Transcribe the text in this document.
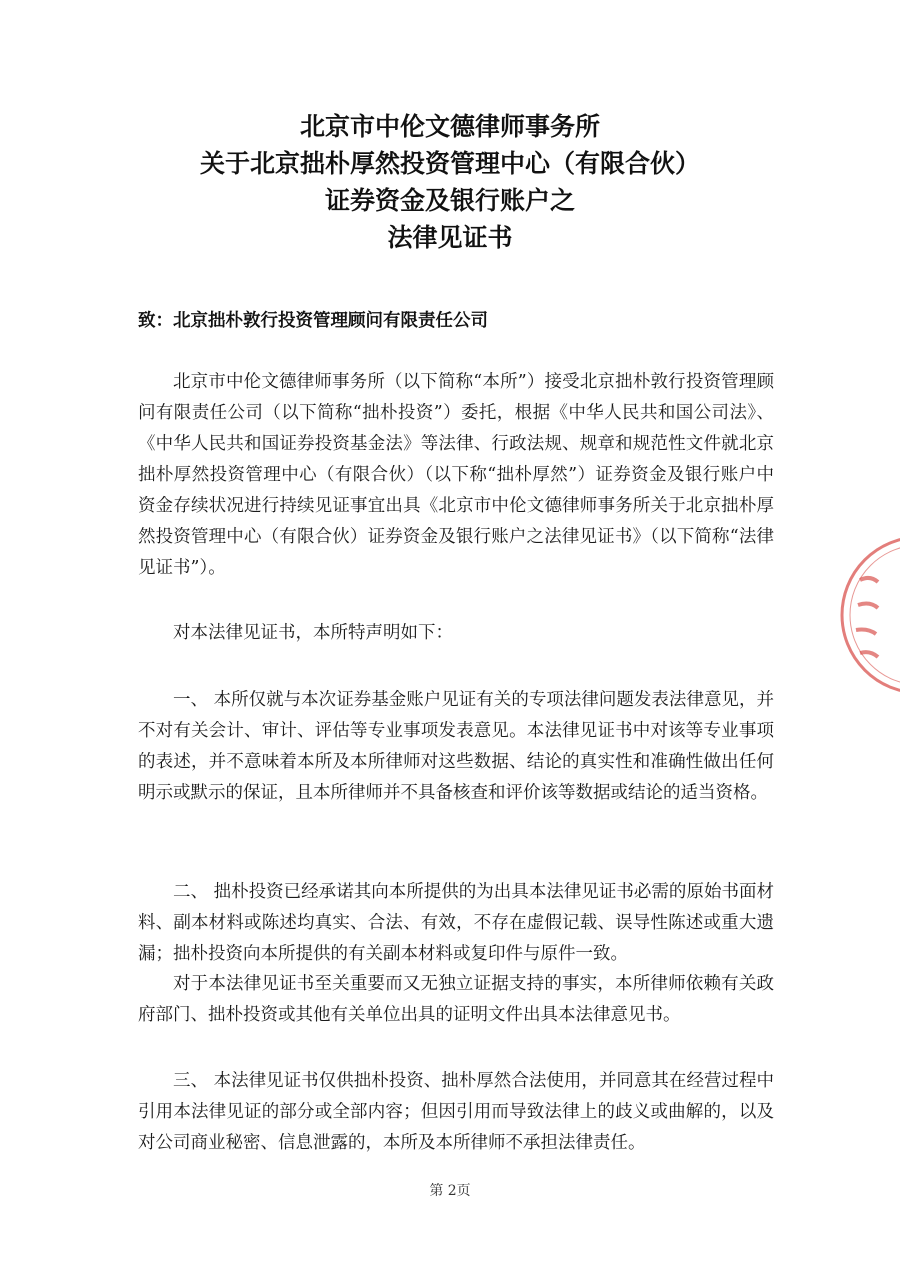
北京市中伦文德律师事务所
关于北京拙朴厚然投资管理中心（有限合伙）
证券资金及银行账户之
法律见证书
致：北京拙朴敦行投资管理顾问有限责任公司

北京市中伦文德律师事务所（以下简称“本所”）接受北京拙朴敦行投资管理顾问有限责任公司（以下简称“拙朴投资”）委托，根据《中华人民共和国公司法》、《中华人民共和国证券投资基金法》等法律、行政法规、规章和规范性文件就北京拙朴厚然投资管理中心（有限合伙）（以下称“拙朴厚然”）证券资金及银行账户中资金存续状况进行持续见证事宜出具《北京市中伦文德律师事务所关于北京拙朴厚然投资管理中心（有限合伙）证券资金及银行账户之法律见证书》（以下简称“法律见证书”）。

对本法律见证书，本所特声明如下：

一、 本所仅就与本次证券基金账户见证有关的专项法律问题发表法律意见，并不对有关会计、审计、评估等专业事项发表意见。本法律见证书中对该等专业事项的表述，并不意味着本所及本所律师对这些数据、结论的真实性和准确性做出任何明示或默示的保证，且本所律师并不具备核查和评价该等数据或结论的适当资格。

二、 拙朴投资已经承诺其向本所提供的为出具本法律见证书必需的原始书面材料、副本材料或陈述均真实、合法、有效，不存在虚假记载、误导性陈述或重大遗漏；拙朴投资向本所提供的有关副本材料或复印件与原件一致。

对于本法律见证书至关重要而又无独立证据支持的事实，本所律师依赖有关政府部门、拙朴投资或其他有关单位出具的证明文件出具本法律意见书。

三、 本法律见证书仅供拙朴投资、拙朴厚然合法使用，并同意其在经营过程中引用本法律见证的部分或全部内容；但因引用而导致法律上的歧义或曲解的，以及对公司商业秘密、信息泄露的，本所及本所律师不承担法律责任。

第 2页
